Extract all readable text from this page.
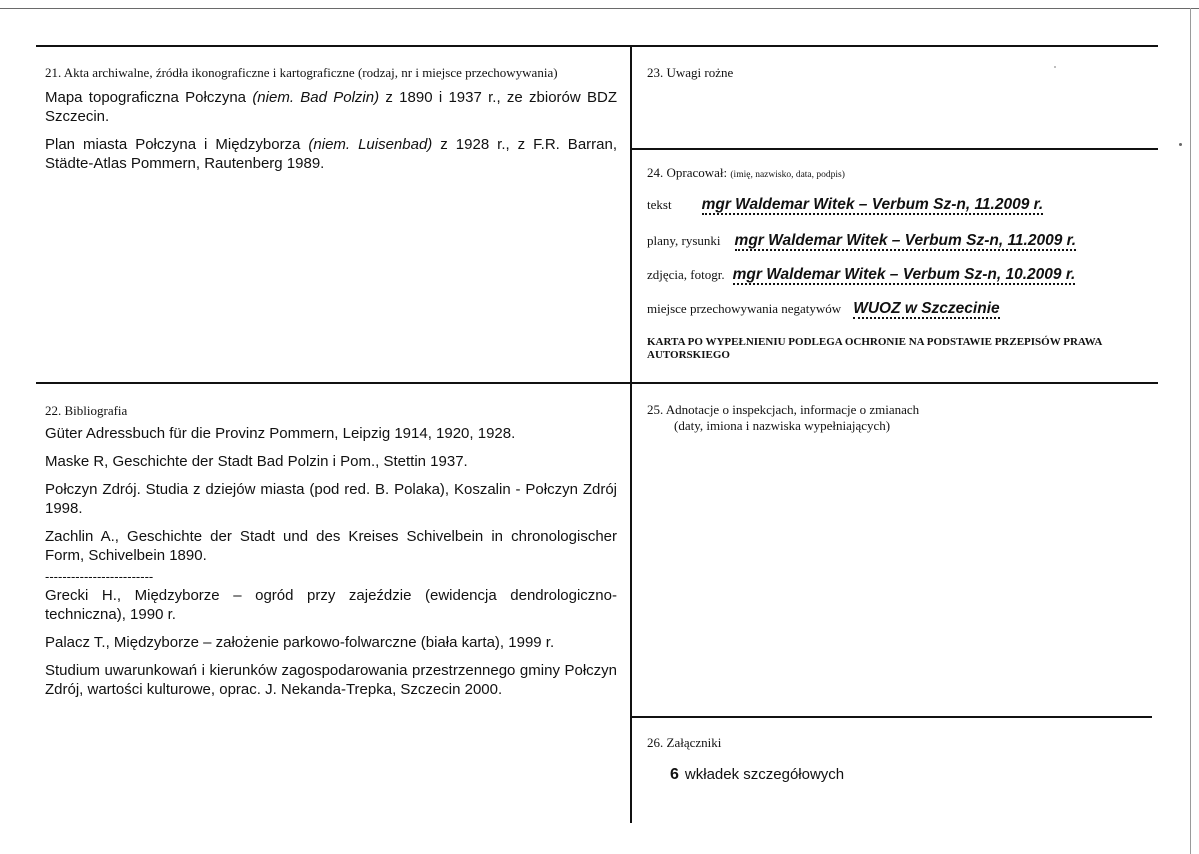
21. Akta archiwalne, źródła ikonograficzne i kartograficzne (rodzaj, nr i miejsce przechowywania)

Mapa topograficzna Połczyna (niem. Bad Polzin) z 1890 i 1937 r., ze zbiorów BDZ Szczecin.

Plan miasta Połczyna i Międzyborza (niem. Luisenbad) z 1928 r., z F.R. Barran, Städte-Atlas Pommern, Rautenberg 1989.

23. Uwagi rożne
24. Opracował: (imię, nazwisko, data, podpis)
tekst mgr Waldemar Witek – Verbum Sz-n, 11.2009 r.
plany, rysunki mgr Waldemar Witek – Verbum Sz-n, 11.2009 r.
zdjęcia, fotogr. mgr Waldemar Witek – Verbum Sz-n, 10.2009 r.
miejsce przechowywania negatywów WUOZ w Szczecinie
KARTA PO WYPEŁNIENIU PODLEGA OCHRONIE NA PODSTAWIE PRZEPISÓW PRAWA AUTORSKIEGO
22. Bibliografia

Güter Adressbuch für die Provinz Pommern, Leipzig 1914, 1920, 1928.

Maske R, Geschichte der Stadt Bad Polzin i Pom., Stettin 1937.

Połczyn Zdrój. Studia z dziejów miasta (pod red. B. Polaka), Koszalin - Połczyn Zdrój 1998.

Zachlin A., Geschichte der Stadt und des Kreises Schivelbein in chronologischer Form, Schivelbein 1890.

-------------------------

Grecki H., Międzyborze – ogród przy zajeździe (ewidencja dendrologiczno-techniczna), 1990 r.

Palacz T., Międzyborze – założenie parkowo-folwarczne (biała karta), 1999 r.

Studium uwarunkowań i kierunków zagospodarowania przestrzennego gminy Połczyn Zdrój, wartości kulturowe, oprac. J. Nekanda-Trepka, Szczecin 2000.

25. Adnotacje o inspekcjach, informacje o zmianach
(daty, imiona i nazwiska wypełniających)
26. Załączniki
6 wkładek szczegółowych
